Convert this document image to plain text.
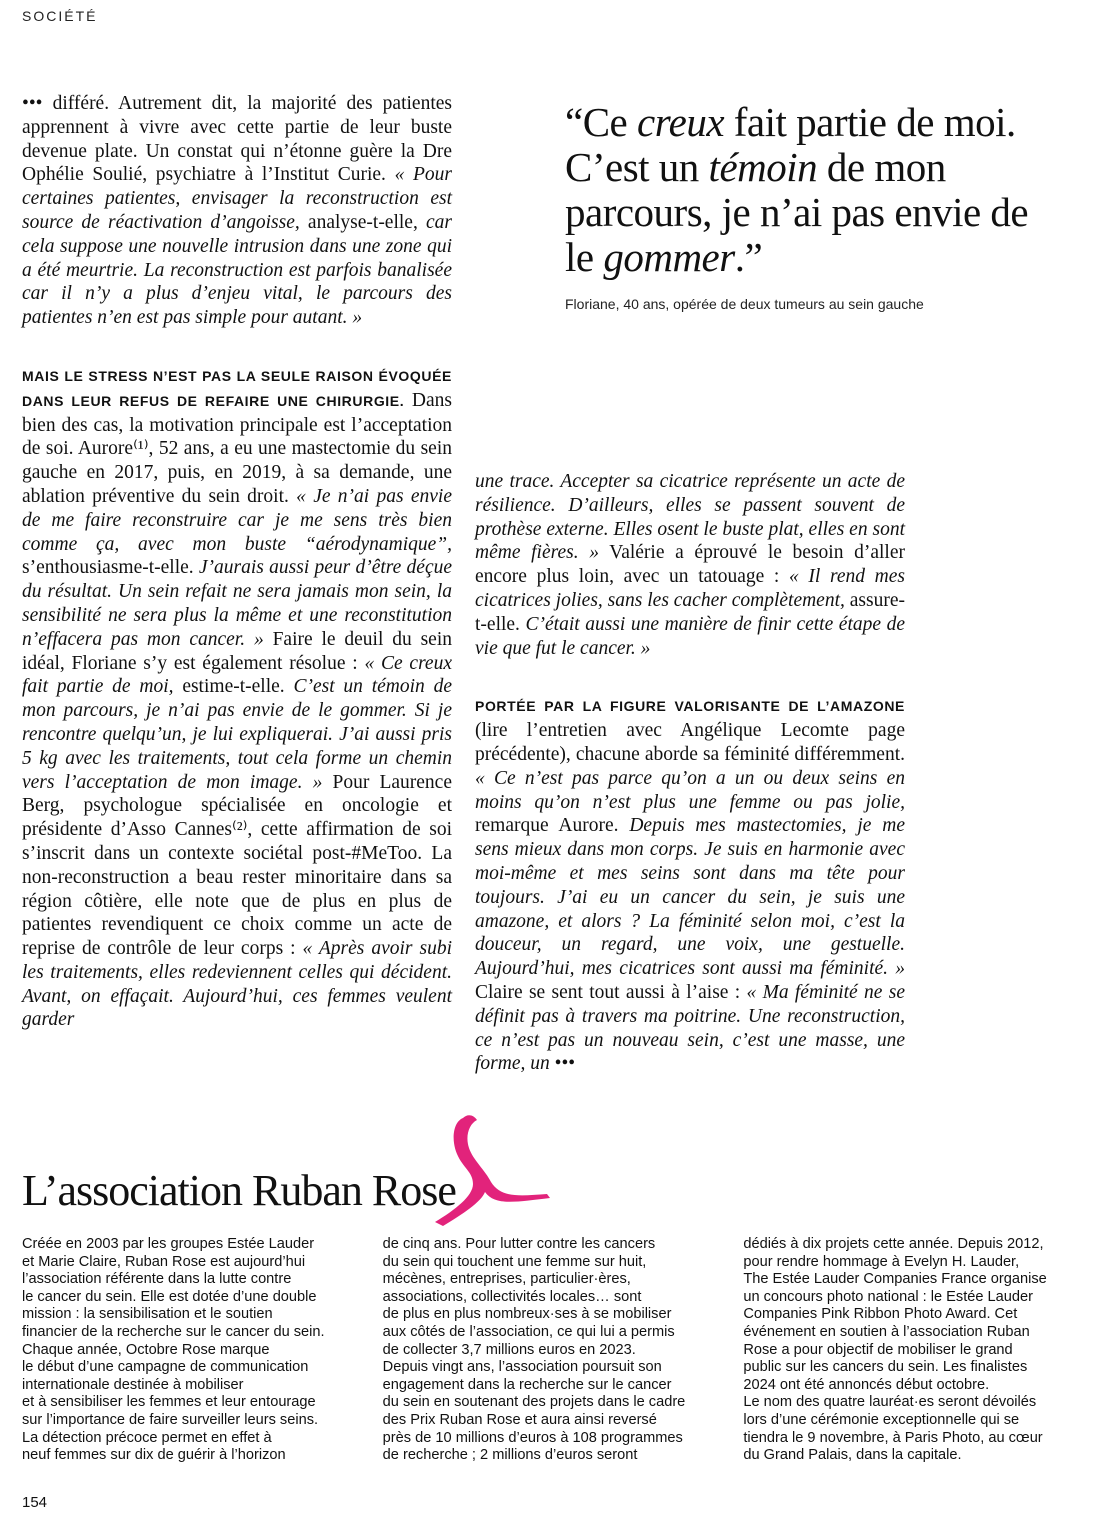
SOCIÉTÉ

••• différé. Autrement dit, la majorité des patientes apprennent à vivre avec cette partie de leur buste devenue plate. Un constat qui n’étonne guère la Dre Ophélie Soulié, psychiatre à l’Institut Curie. « Pour certaines patientes, envisager la reconstruction est source de réactivation d’angoisse, analyse-t-elle, car cela suppose une nouvelle intrusion dans une zone qui a été meurtrie. La reconstruction est parfois banalisée car il n’y a plus d’enjeu vital, le parcours des patientes n’en est pas simple pour autant. »

MAIS LE STRESS N’EST PAS LA SEULE RAISON ÉVOQUÉE DANS LEUR REFUS DE REFAIRE UNE CHIRURGIE. Dans bien des cas, la motivation principale est l’acceptation de soi. Aurore⁽¹⁾, 52 ans, a eu une mastectomie du sein gauche en 2017, puis, en 2019, à sa demande, une ablation préventive du sein droit. « Je n’ai pas envie de me faire reconstruire car je me sens très bien comme ça, avec mon buste “aérodynamique”, s’enthousiasme-t-elle. J’aurais aussi peur d’être déçue du résultat. Un sein refait ne sera jamais mon sein, la sensibilité ne sera plus la même et une reconstitution n’effacera pas mon cancer. » Faire le deuil du sein idéal, Floriane s’y est également résolue : « Ce creux fait partie de moi, estime-t-elle. C’est un témoin de mon parcours, je n’ai pas envie de le gommer. Si je rencontre quelqu’un, je lui expliquerai. J’ai aussi pris 5 kg avec les traitements, tout cela forme un chemin vers l’acceptation de mon image. » Pour Laurence Berg, psychologue spécialisée en oncologie et présidente d’Asso Cannes⁽²⁾, cette affirmation de soi s’inscrit dans un contexte sociétal post-#MeToo. La non-reconstruction a beau rester minoritaire dans sa région côtière, elle note que de plus en plus de patientes revendiquent ce choix comme un acte de reprise de contrôle de leur corps : « Après avoir subi les traitements, elles redeviennent celles qui décident. Avant, on effaçait. Aujourd’hui, ces femmes veulent garder

“Ce creux fait partie de moi. C’est un témoin de mon parcours, je n’ai pas envie de le gommer.”

Floriane, 40 ans, opérée de deux tumeurs au sein gauche

une trace. Accepter sa cicatrice représente un acte de résilience. D’ailleurs, elles se passent souvent de prothèse externe. Elles osent le buste plat, elles en sont même fières. » Valérie a éprouvé le besoin d’aller encore plus loin, avec un tatouage : « Il rend mes cicatrices jolies, sans les cacher complètement, assure-t-elle. C’était aussi une manière de finir cette étape de vie que fut le cancer. »

PORTÉE PAR LA FIGURE VALORISANTE DE L’AMAZONE (lire l’entretien avec Angélique Lecomte page précédente), chacune aborde sa féminité différemment. « Ce n’est pas parce qu’on a un ou deux seins en moins qu’on n’est plus une femme ou pas jolie, remarque Aurore. Depuis mes mastectomies, je me sens mieux dans mon corps. Je suis en harmonie avec moi-même et mes seins sont dans ma tête pour toujours. J’ai eu un cancer du sein, je suis une amazone, et alors ? La féminité selon moi, c’est la douceur, un regard, une voix, une gestuelle. Aujourd’hui, mes cicatrices sont aussi ma féminité. » Claire se sent tout aussi à l’aise : « Ma féminité ne se définit pas à travers ma poitrine. Une reconstruction, ce n’est pas un nouveau sein, c’est une masse, une forme, un •••

L’association Ruban Rose

Créée en 2003 par les groupes Estée Lauder
et Marie Claire, Ruban Rose est aujourd’hui
l’association référente dans la lutte contre
le cancer du sein. Elle est dotée d’une double
mission : la sensibilisation et le soutien
financier de la recherche sur le cancer du sein.
Chaque année, Octobre Rose marque
le début d’une campagne de communication
internationale destinée à mobiliser
et à sensibiliser les femmes et leur entourage
sur l’importance de faire surveiller leurs seins.
La détection précoce permet en effet à
neuf femmes sur dix de guérir à l’horizon

de cinq ans. Pour lutter contre les cancers
du sein qui touchent une femme sur huit,
mécènes, entreprises, particulier·ères,
associations, collectivités locales… sont
de plus en plus nombreux·ses à se mobiliser
aux côtés de l’association, ce qui lui a permis
de collecter 3,7 millions euros en 2023.
Depuis vingt ans, l’association poursuit son
engagement dans la recherche sur le cancer
du sein en soutenant des projets dans le cadre
des Prix Ruban Rose et aura ainsi reversé
près de 10 millions d’euros à 108 programmes
de recherche ; 2 millions d’euros seront

dédiés à dix projets cette année. Depuis 2012,
pour rendre hommage à Evelyn H. Lauder,
The Estée Lauder Companies France organise
un concours photo national : le Estée Lauder
Companies Pink Ribbon Photo Award. Cet
événement en soutien à l’association Ruban
Rose a pour objectif de mobiliser le grand
public sur les cancers du sein. Les finalistes
2024 ont été annoncés début octobre.
Le nom des quatre lauréat·es seront dévoilés
lors d’une cérémonie exceptionnelle qui se
tiendra le 9 novembre, à Paris Photo, au cœur
du Grand Palais, dans la capitale.

154
